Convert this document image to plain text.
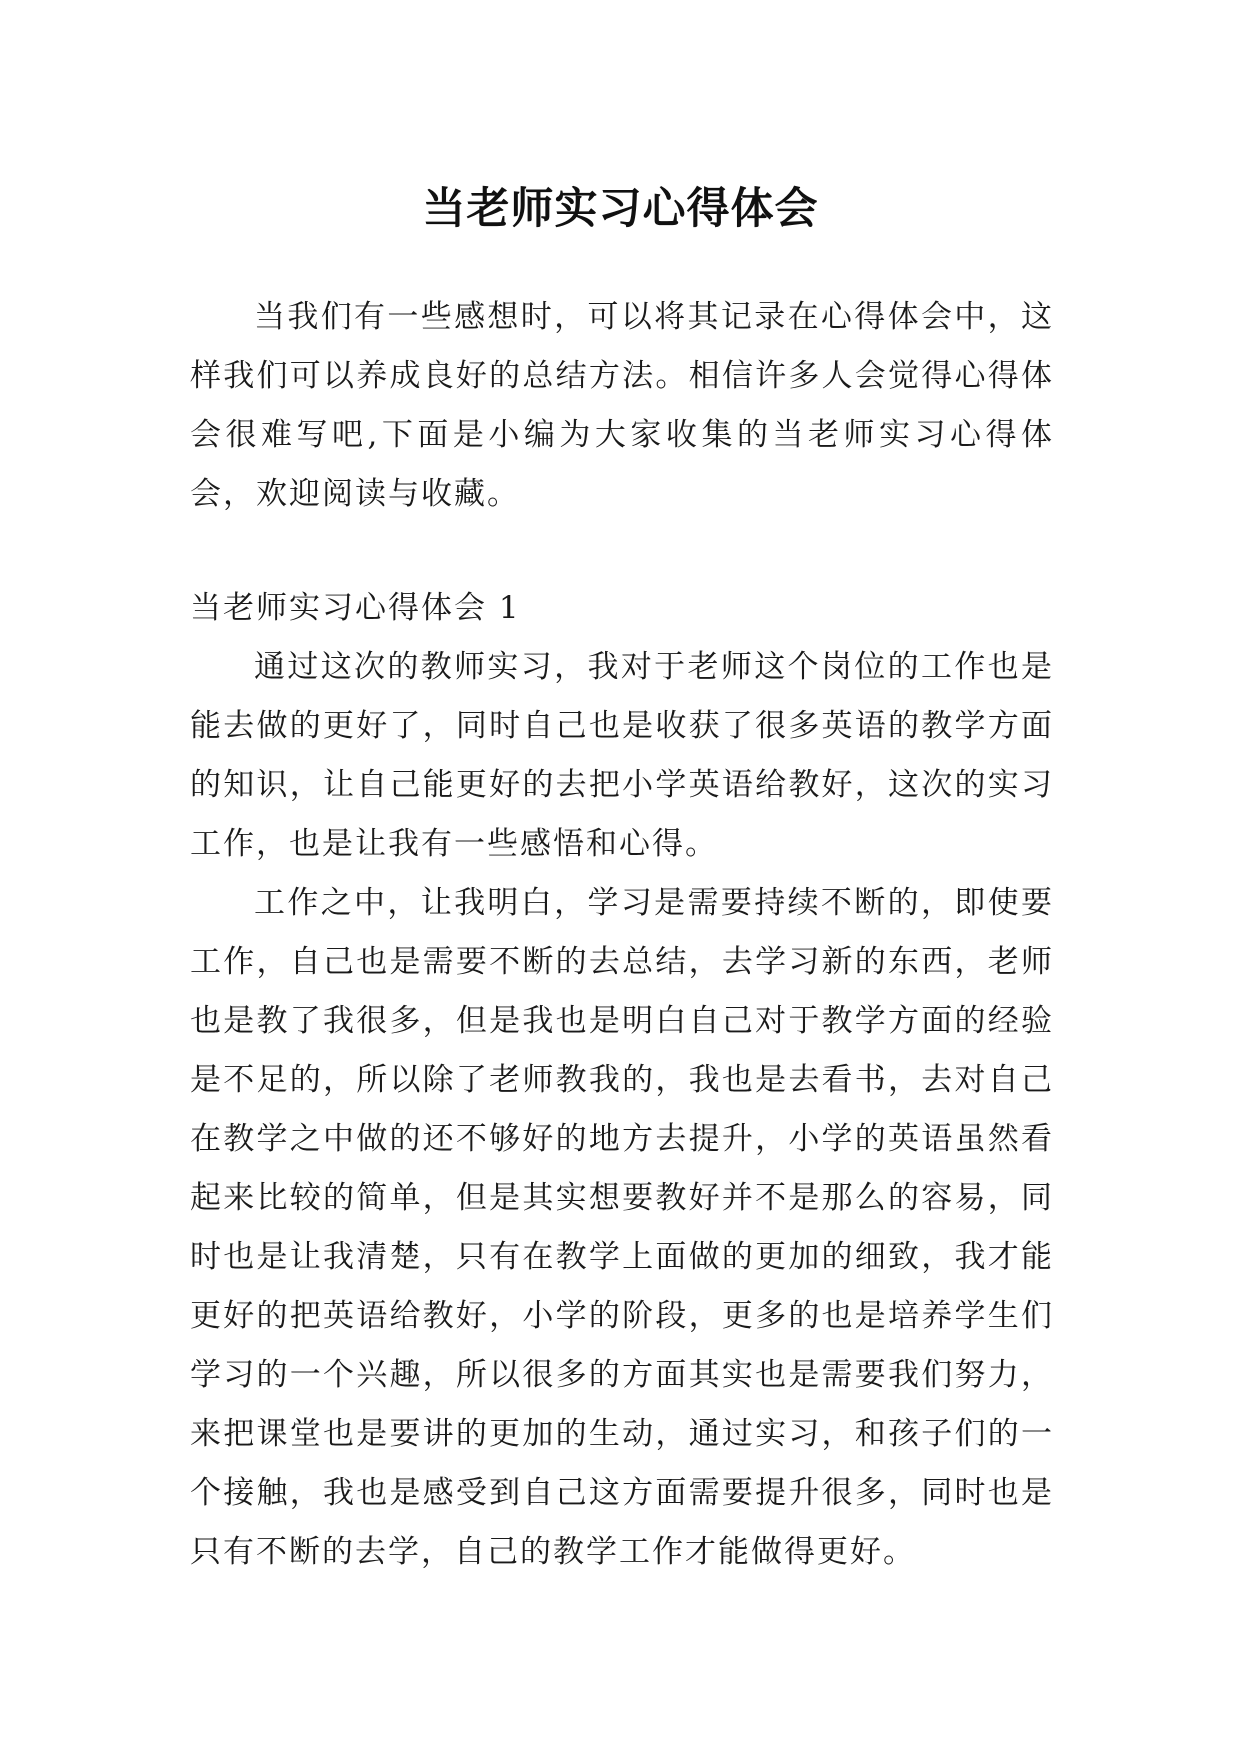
当老师实习心得体会

当我们有一些感想时，可以将其记录在心得体会中，这样我们可以养成良好的总结方法。相信许多人会觉得心得体会很难写吧,下面是小编为大家收集的当老师实习心得体会，欢迎阅读与收藏。

当老师实习心得体会 1

通过这次的教师实习，我对于老师这个岗位的工作也是能去做的更好了，同时自己也是收获了很多英语的教学方面的知识，让自己能更好的去把小学英语给教好，这次的实习工作，也是让我有一些感悟和心得。

工作之中，让我明白，学习是需要持续不断的，即使要工作，自己也是需要不断的去总结，去学习新的东西，老师也是教了我很多，但是我也是明白自己对于教学方面的经验是不足的，所以除了老师教我的，我也是去看书，去对自己在教学之中做的还不够好的地方去提升，小学的英语虽然看起来比较的简单，但是其实想要教好并不是那么的容易，同时也是让我清楚，只有在教学上面做的更加的细致，我才能更好的把英语给教好，小学的阶段，更多的也是培养学生们学习的一个兴趣，所以很多的方面其实也是需要我们努力，来把课堂也是要讲的更加的生动，通过实习，和孩子们的一个接触，我也是感受到自己这方面需要提升很多，同时也是只有不断的去学，自己的教学工作才能做得更好。
